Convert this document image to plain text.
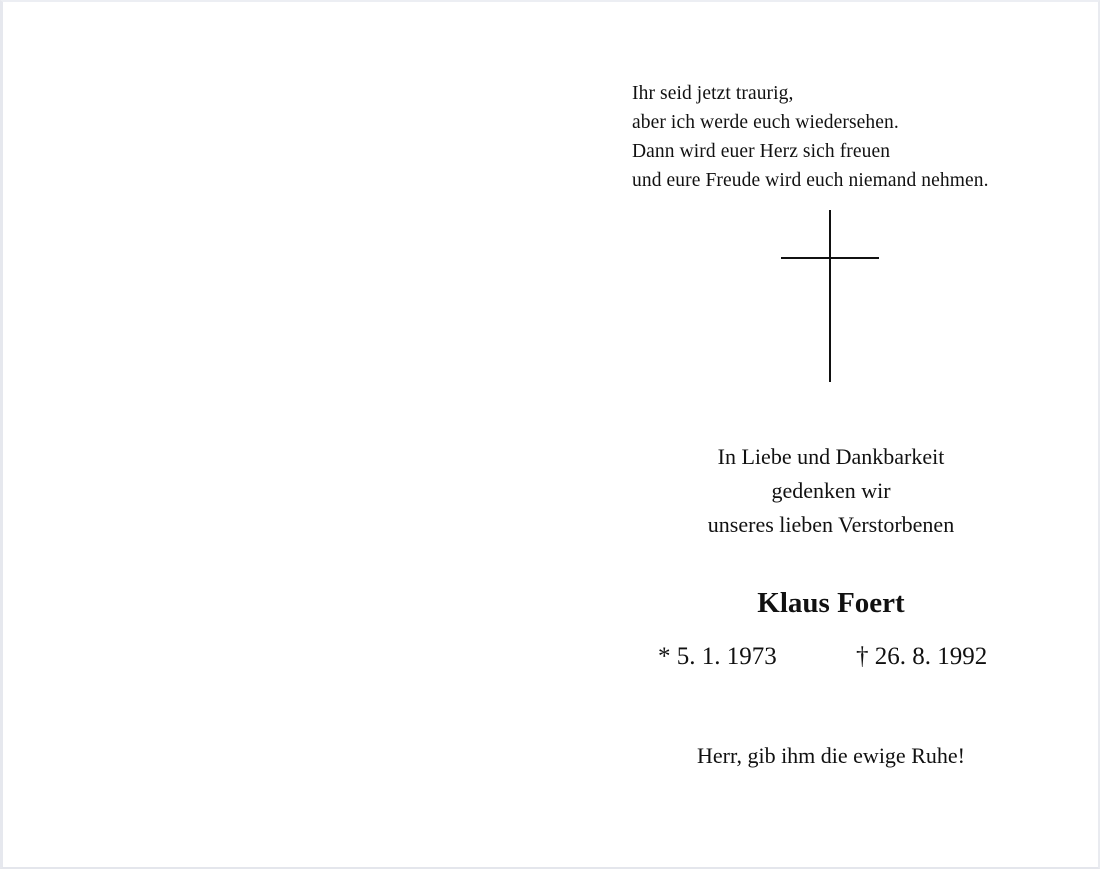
Ihr seid jetzt traurig,
aber ich werde euch wiedersehen.
Dann wird euer Herz sich freuen
und eure Freude wird euch niemand nehmen.
In Liebe und Dankbarkeit
gedenken wir
unseres lieben Verstorbenen
Klaus Foert
* 5. 1. 1973	† 26. 8. 1992
Herr, gib ihm die ewige Ruhe!
